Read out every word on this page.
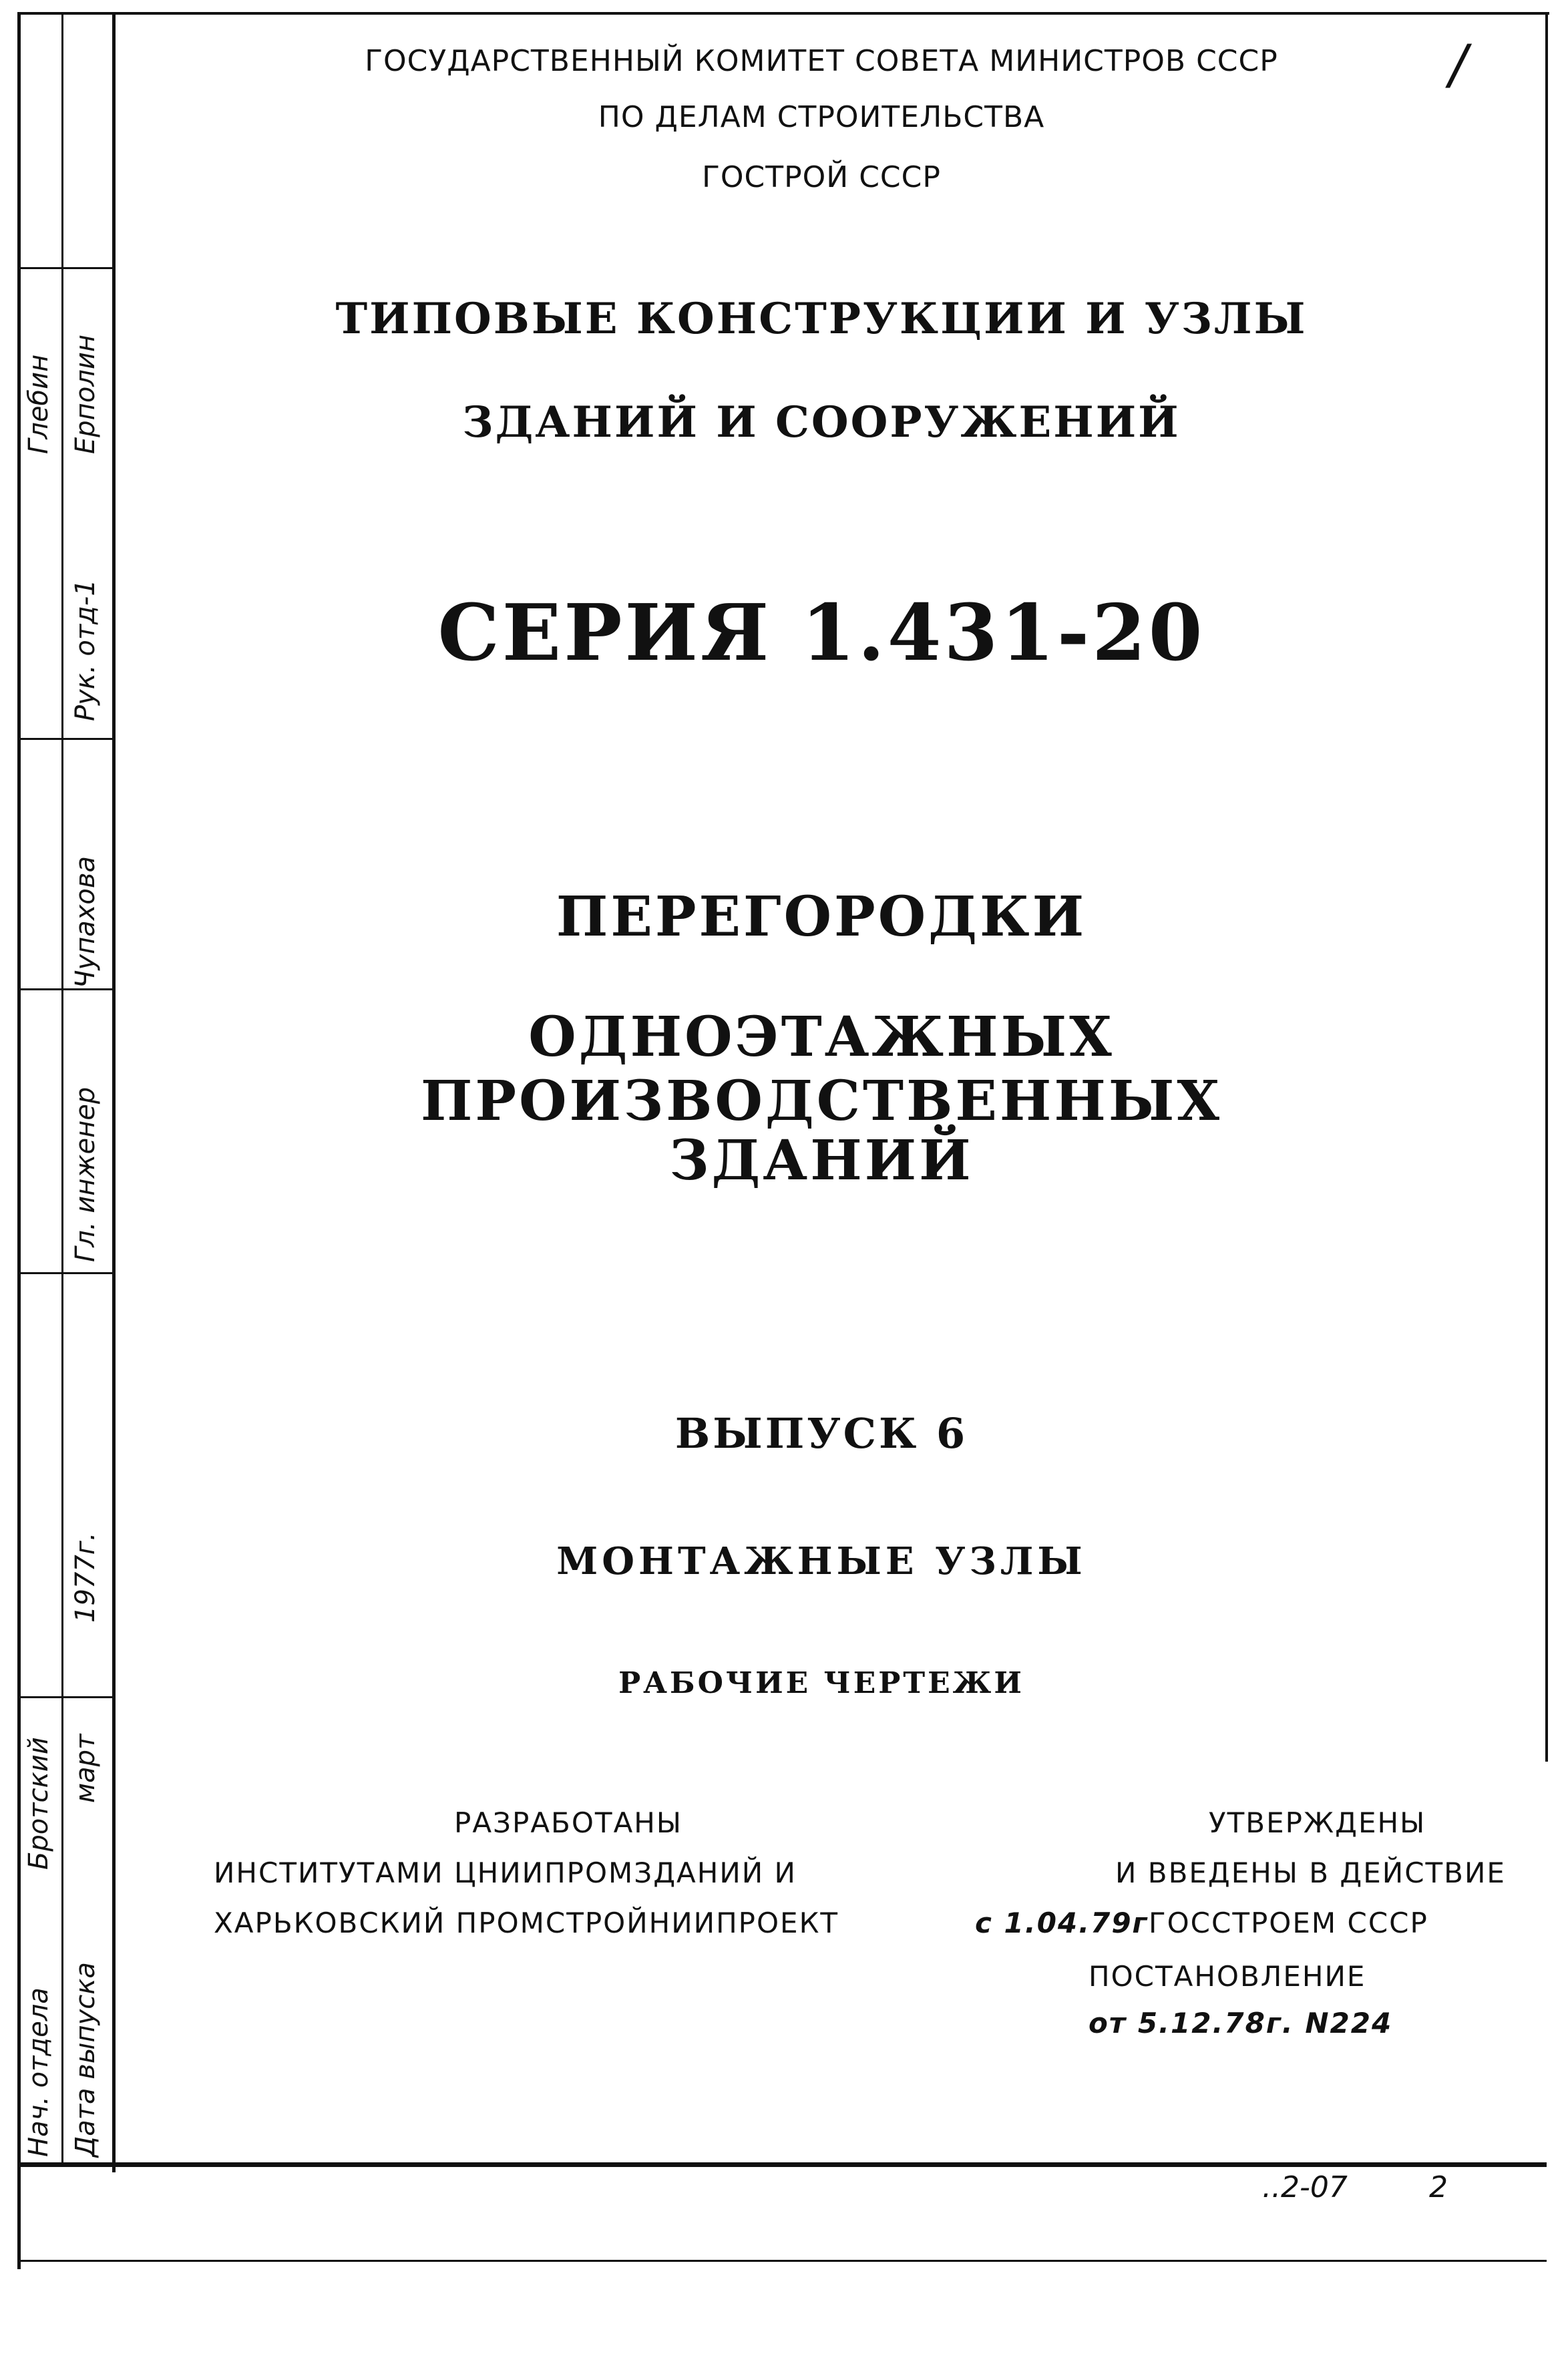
Нач. отдела Дата выпуска
Рук. отд-1
Гл. инженер
1977г.
Глебин Ерполин
Чупахова
Бротский март
/
ГОСУДАРСТВЕННЫЙ КОМИТЕТ СОВЕТА МИНИСТРОВ СССР
ПО ДЕЛАМ СТРОИТЕЛЬСТВА
ГОСТРОЙ СССР
ТИПОВЫЕ КОНСТРУКЦИИ И УЗЛЫ
ЗДАНИЙ И СООРУЖЕНИЙ
СЕРИЯ 1.431-20
ПЕРЕГОРОДКИ
ОДНОЭТАЖНЫХ ПРОИЗВОДСТВЕННЫХ
ЗДАНИЙ
ВЫПУСК 6
МОНТАЖНЫЕ УЗЛЫ
РАБОЧИЕ ЧЕРТЕЖИ
РАЗРАБОТАНЫ
ИНСТИТУТАМИ ЦНИИПРОМЗДАНИЙ И
ХАРЬКОВСКИЙ ПРОМСТРОЙНИИПРОЕКТ
УТВЕРЖДЕНЫ
И ВВЕДЕНЫ В ДЕЙСТВИЕ
с 1.04.79г ГОССТРОЕМ СССР
ПОСТАНОВЛЕНИЕ
от 5.12.78г. N224
..2-07	2
